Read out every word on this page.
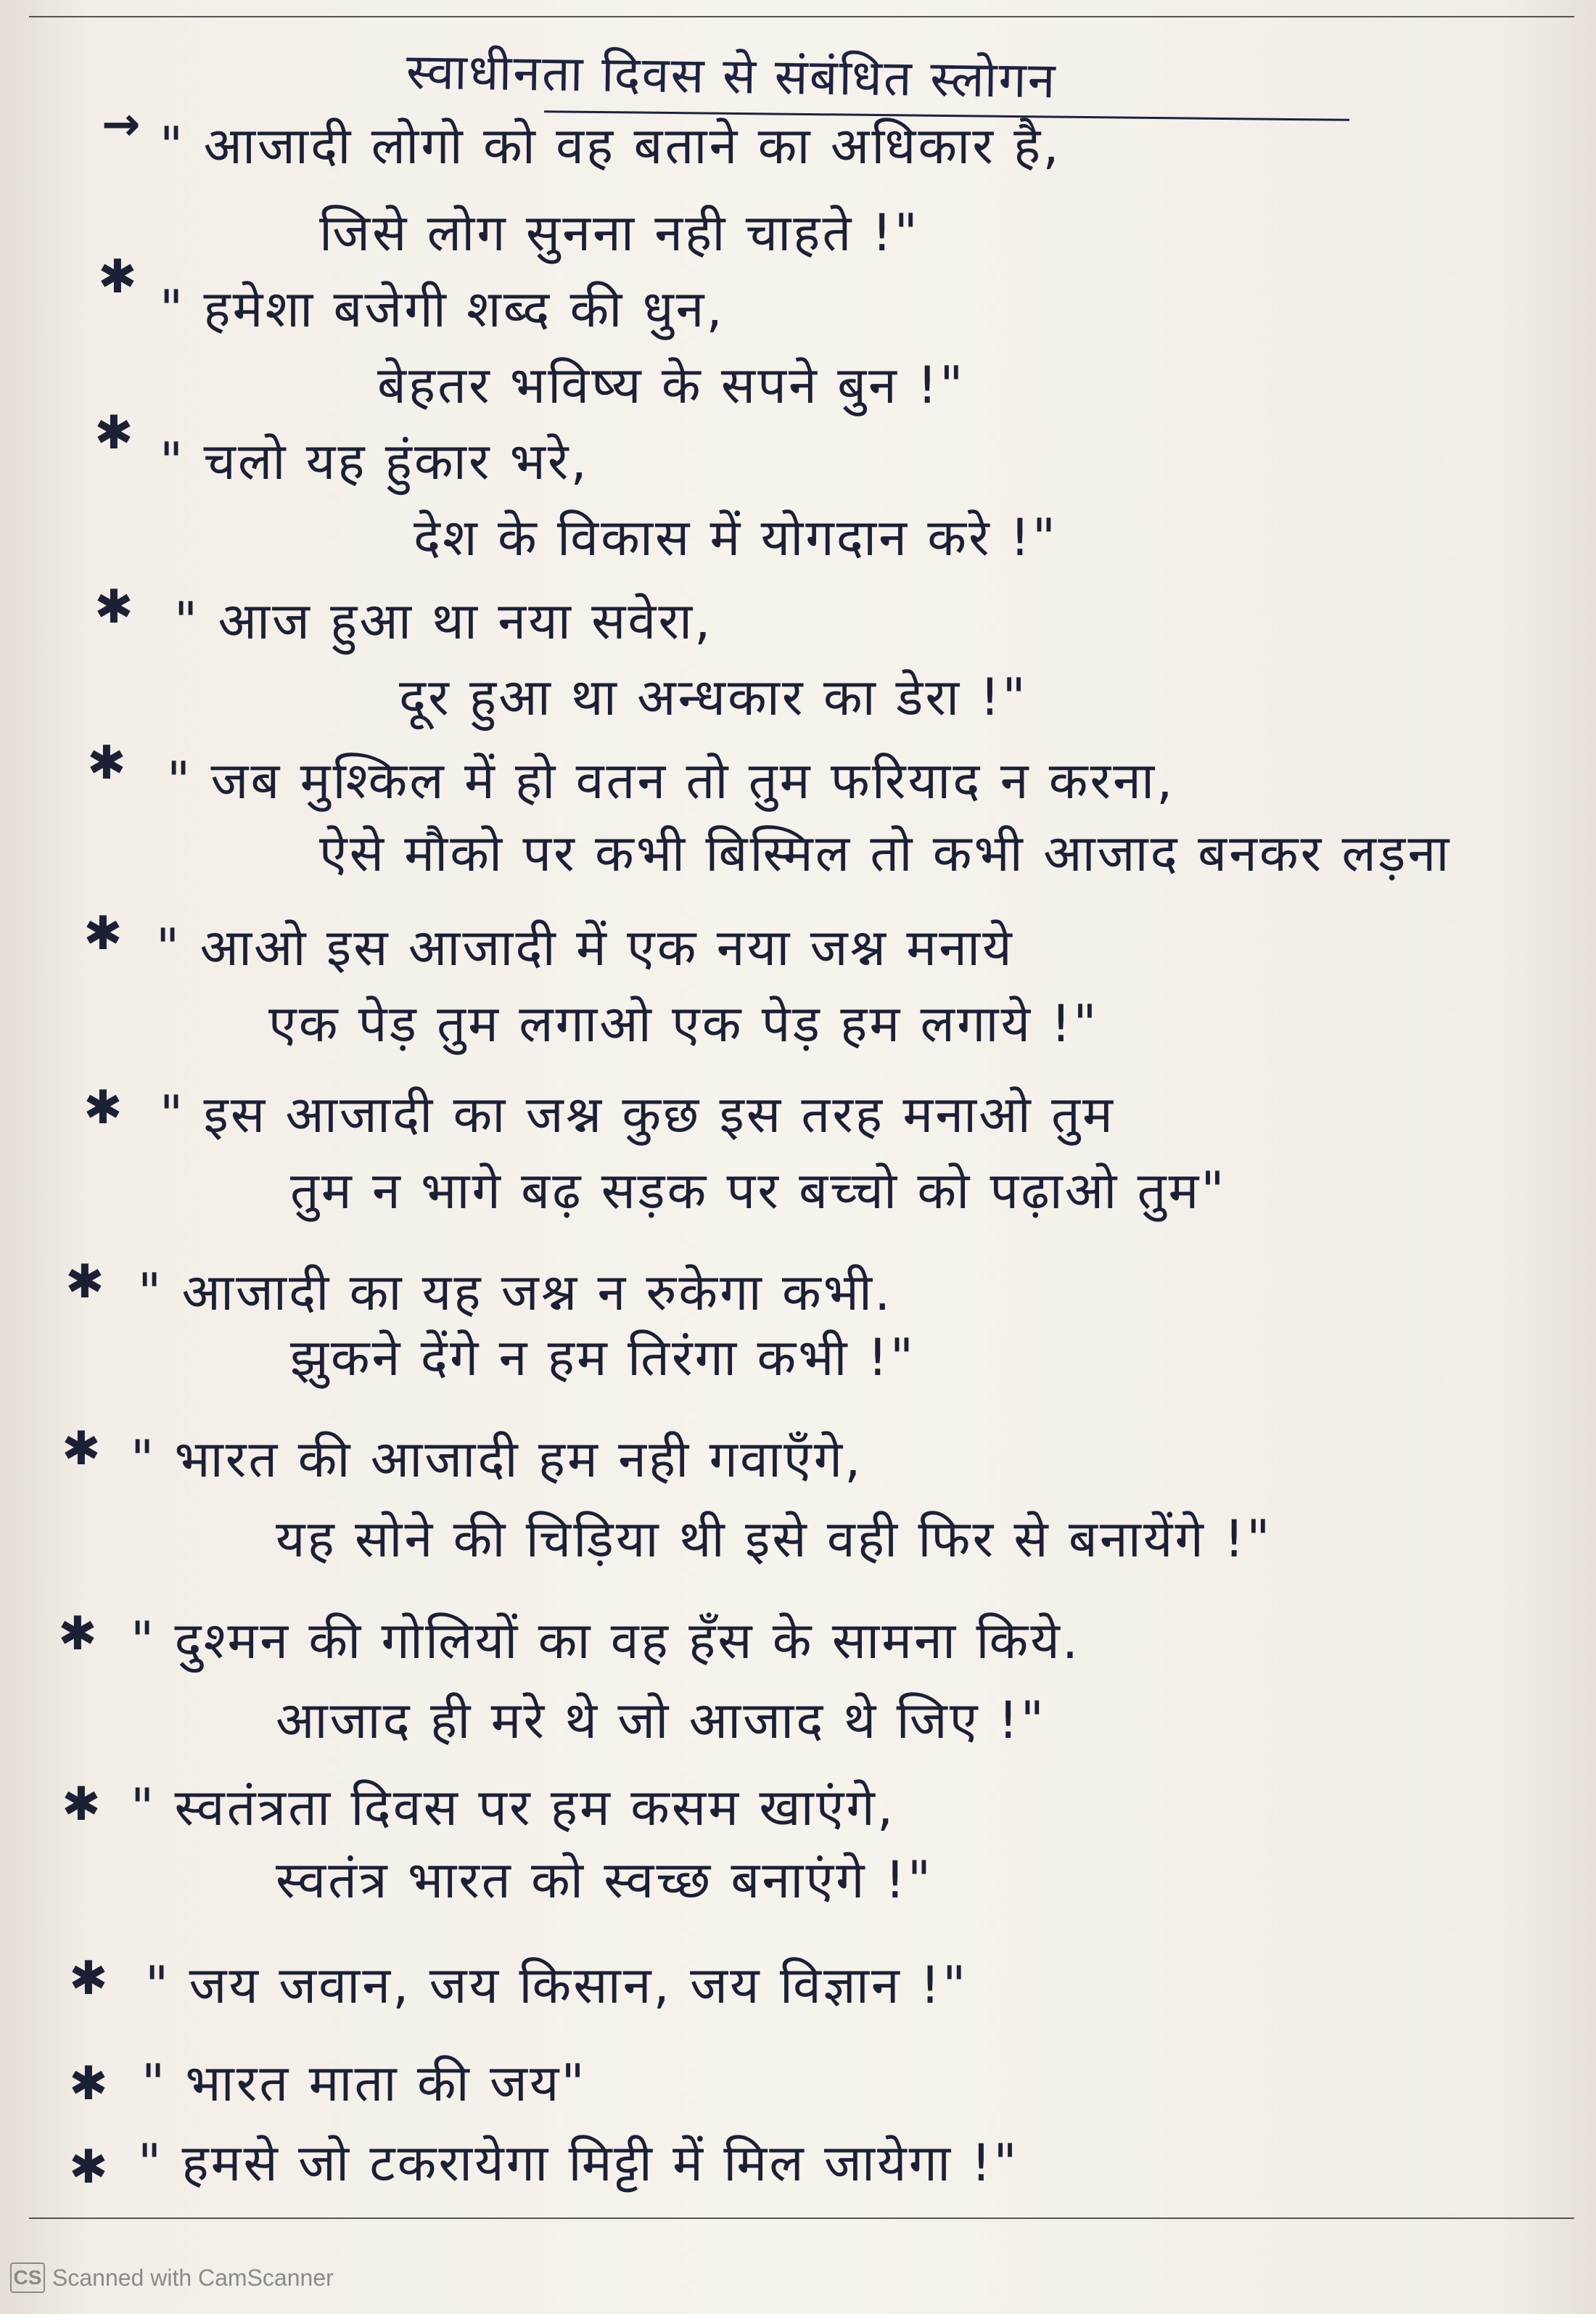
स्वाधीनता दिवस से संबंधित स्लोगन
→ " आजादी लोगो को वह बताने का अधिकार है,
जिसे लोग सुनना नही चाहते !"
✱
" हमेशा बजेगी शब्द की धुन,
बेहतर भविष्य के सपने बुन !"
✱ " चलो यह हुंकार भरे,
देश के विकास में योगदान करे !"
✱ " आज हुआ था नया सवेरा,
दूर हुआ था अन्धकार का डेरा !"
✱ " जब मुश्किल में हो वतन तो तुम फरियाद न करना,
ऐसे मौको पर कभी बिस्मिल तो कभी आजाद बनकर लड़ना
✱ " आओ इस आजादी में एक नया जश्न मनाये
एक पेड़ तुम लगाओ एक पेड़ हम लगाये !"
✱ " इस आजादी का जश्न कुछ इस तरह मनाओ तुम
तुम न भागे बढ़ सड़क पर बच्चो को पढ़ाओ तुम"
✱ " आजादी का यह जश्न न रुकेगा कभी.
झुकने देंगे न हम तिरंगा कभी !"
✱ " भारत की आजादी हम नही गवाएँगे,
यह सोने की चिड़िया थी इसे वही फिर से बनायेंगे !"
✱ " दुश्मन की गोलियों का वह हँस के सामना किये.
आजाद ही मरे थे जो आजाद थे जिए !"
✱ " स्वतंत्रता दिवस पर हम कसम खाएंगे,
स्वतंत्र भारत को स्वच्छ बनाएंगे !"
✱ " जय जवान, जय किसान, जय विज्ञान !"
✱ " भारत माता की जय"
✱ " हमसे जो टकरायेगा मिट्टी में मिल जायेगा !"
CS Scanned with CamScanner
